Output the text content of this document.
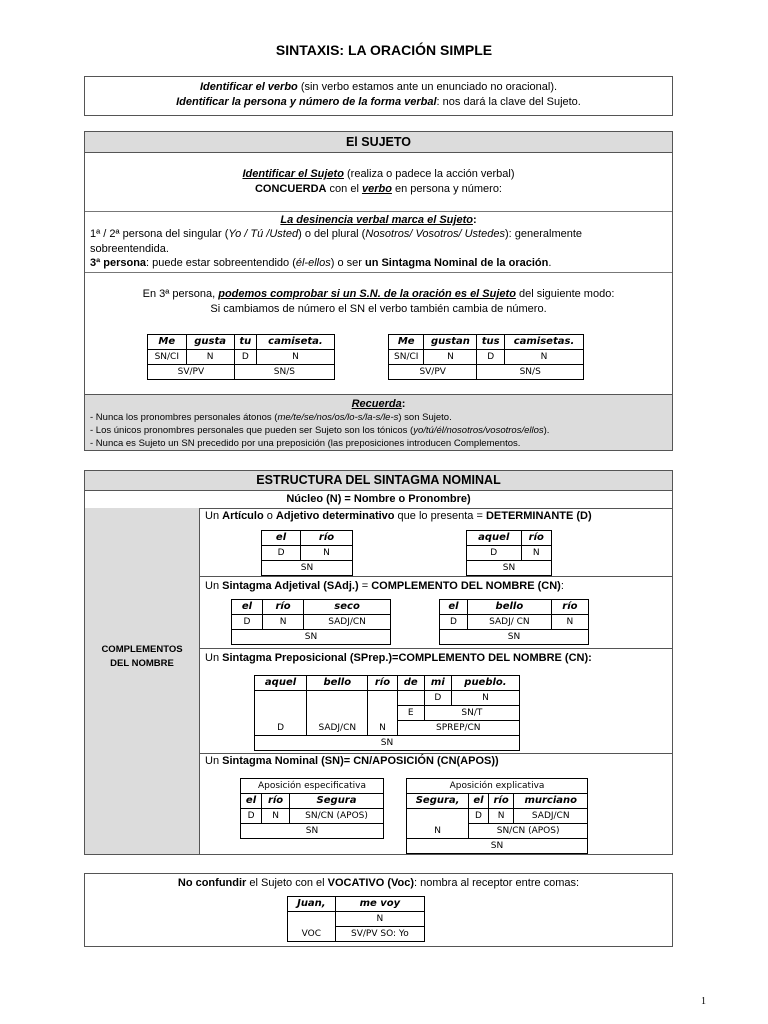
SINTAXIS: LA ORACIÓN SIMPLE
Identificar el verbo (sin verbo estamos ante un enunciado no oracional).
Identificar la persona y número de la forma verbal: nos dará la clave del Sujeto.
El SUJETO
Identificar el Sujeto (realiza o padece la acción verbal)
CONCUERDA con el verbo en persona y número:
La desinencia verbal marca el Sujeto:
1ª / 2ª persona del singular (Yo / Tú /Usted) o del plural (Nosotros/ Vosotros/ Ustedes): generalmente
sobreentendida.
3ª persona: puede estar sobreentendido (él-ellos) o ser un Sintagma Nominal de la oración.
En 3ª persona, podemos comprobar si un S.N. de la oración es el Sujeto del siguiente modo:
Si cambiamos de número el SN el verbo también cambia de número.
Me	gusta	tu	camiseta.
SN/CI	N	D	N
SV/PV		SN/S	
Me	gustan	tus	camisetas.
SN/CI	N	D	N
SV/PV		SN/S	
Recuerda:
- Nunca los pronombres personales átonos (me/te/se/nos/os/lo-s/la-s/le-s) son Sujeto.
- Los únicos pronombres personales que pueden ser Sujeto son los tónicos (yo/tú/él/nosotros/vosotros/ellos).
- Nunca es Sujeto un SN precedido por una preposición (las preposiciones introducen Complementos.
ESTRUCTURA DEL SINTAGMA NOMINAL
Núcleo (N) = Nombre o Pronombre)
COMPLEMENTOS
DEL NOMBRE
Un Artículo o Adjetivo determinativo que lo presenta = DETERMINANTE (D)
el	río
D	N
SN	
aquel	río
D	N
SN	
Un Sintagma Adjetival (SAdj.) = COMPLEMENTO DEL NOMBRE (CN):
el	río	seco
D	N	SADJ/CN
SN		
el	bello	río
D	SADJ/ CN	N
SN		
Un Sintagma Preposicional (SPrep.)=COMPLEMENTO DEL NOMBRE (CN):
aquel	bello	río	de	mi	pueblo.
				D	N
			E	SN/T	
D	SADJ/CN	N	SPREP/CN		
SN					
Un Sintagma Nominal (SN)= CN/APOSICIÓN (CN(APOS))
Aposición especificativa		
el	río	Segura
D	N	SN/CN (APOS)
SN		
Aposición explicativa			
Segura,	el	río	murciano
	D	N	SADJ/CN
N	SN/CN (APOS)		
SN			
No confundir el Sujeto con el VOCATIVO (Voc): nombra al receptor entre comas:
Juan,	me voy
	N
VOC	SV/PV SO: Yo
1
